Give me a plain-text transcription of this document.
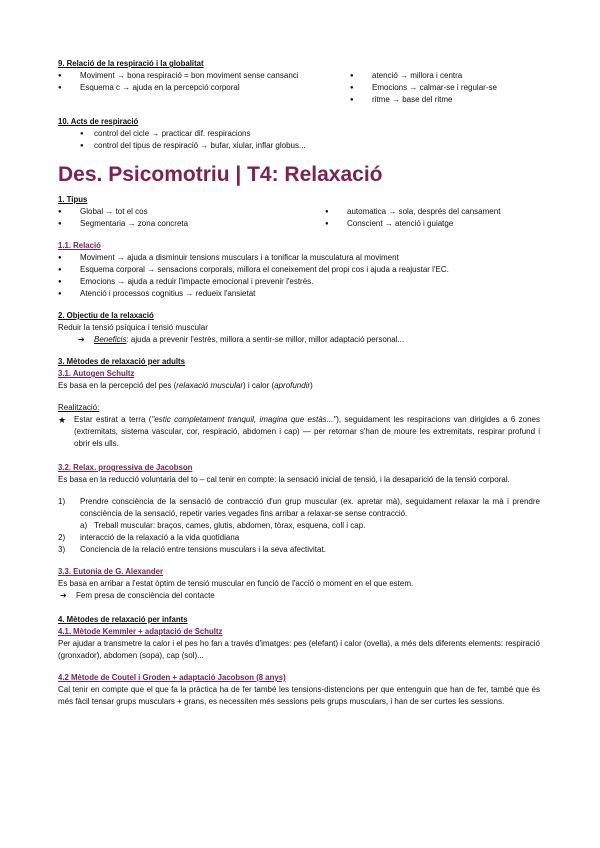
9. Relació de la respiració i la globalitat
● Moviment → bona respiració = bon moviment sense cansanci
● Esquema c → ajuda en la percepció corporal
● atenció → millora i centra
● Emocions → calmar-se i regular-se
● ritme → base del ritme
10. Acts de respiració
● control del cicle → practicar dif. respiracions
● control del tipus de respiració → bufar, xiular, inflar globus...
Des. Psicomotriu | T4: Relaxació
1. Tipus
● Global → tot el cos
● Segmentaria → zona concreta
● automatica → sola, després del cansament
● Conscient → atenció i guiatge
1.1. Relació
● Moviment → ajuda a disminuir tensions musculars i a tonificar la musculatura al moviment
● Esquema corporal → sensacions corporals, millora el coneixement del propi cos i ajuda a reajustar l'EC.
● Emocions → ajuda a reduir l'impacte emocional i prevenir l'estrès.
● Atenció i processos cognitius → redueix l'ansietat
2. Objectiu de la relaxació
Reduir la tensió psíquica i tensió muscular
➔ Beneficis: ajuda a prevenir l'estrès, millora a sentir-se millor, millor adaptació personal...
3. Mètodes de relaxació per adults
3.1. Autogen Schultz
Es basa en la percepció del pes (relaxació muscular) i calor (aprofundir)
Realització:
★ Estar estirat a terra ("estic completament tranquil, imagina que estàs..."), seguidament les respiracions van dirigides a 6 zones (extremitats, sistema vascular, cor, respiració, abdomen i cap) — per retornar s'han de moure les extremitats, respirar profund i obrir els ulls.
3.2. Relax. progressiva de Jacobson
Es basa en la reducció voluntaria del to – cal tenir en compte: la sensació inicial de tensió, i la desaparició de la tensió corporal.
1) Prendre consciència de la sensació de contracció d'un grup muscular (ex. apretar mà), seguidament relaxar la mà i prendre consciència de la sensació, repetir varies vegades fins arribar a relaxar-se sense contracció.
a) Treball muscular: braços, cames, glutis, abdomen, tòrax, esquena, coll i cap.
2) interacció de la relaxació a la vida quotidiana
3) Conciencia de la relació entre tensions musculars i la seva afectivitat.
3.3. Eutonia de G. Alexander
Es basa en arribar a l'estat òptim de tensió muscular en funció de l'acció o moment en el que estem.
➔ Fem presa de consciència del contacte
4. Mètodes de relaxació per infants
4.1. Mètode Kemmler + adaptació de Schultz
Per ajudar a transmetre la calor i el pes ho fan a través d'imatges: pes (elefant) i calor (ovella), a més dels diferents elements: respiració (gronxador), abdomen (sopa), cap (sol)...
4.2 Mètode de Coutel i Groden + adaptació Jacobson (8 anys)
Cal tenir en compte que el que fa la pràctica ha de fer també les tensions-distencions per que entenguin que han de fer, també que és més fàcil tensar grups musculars + grans, es necessiten més sessions pels grups musculars, i han de ser curtes les sessions.
